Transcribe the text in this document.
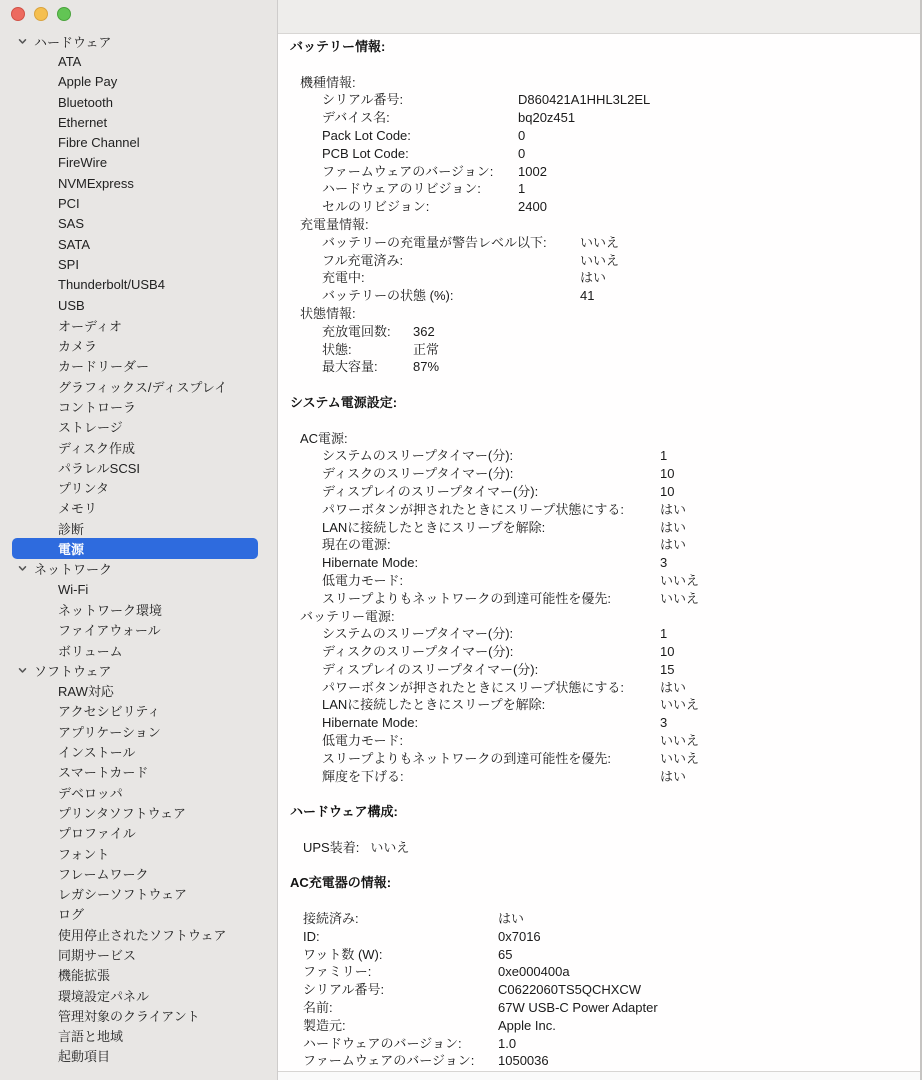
ハードウェア
ATA
Apple Pay
Bluetooth
Ethernet
Fibre Channel
FireWire
NVMExpress
PCI
SAS
SATA
SPI
Thunderbolt/USB4
USB
オーディオ
カメラ
カードリーダー
グラフィックス/ディスプレイ
コントローラ
ストレージ
ディスク作成
パラレルSCSI
プリンタ
メモリ
診断
電源
ネットワーク
Wi-Fi
ネットワーク環境
ファイアウォール
ボリューム
ソフトウェア
RAW対応
アクセシビリティ
アプリケーション
インストール
スマートカード
デベロッパ
プリンタソフトウェア
プロファイル
フォント
フレームワーク
レガシーソフトウェア
ログ
使用停止されたソフトウェア
同期サービス
機能拡張
環境設定パネル
管理対象のクライアント
言語と地域
起動項目
バッテリー情報:
機種情報:
シリアル番号:	D860421A1HHL3L2EL
デバイス名:	bq20z451
Pack Lot Code:	0
PCB Lot Code:	0
ファームウェアのバージョン:	1002
ハードウェアのリビジョン:	1
セルのリビジョン:	2400
充電量情報:
バッテリーの充電量が警告レベル以下:	いいえ
フル充電済み:	いいえ
充電中:	はい
バッテリーの状態 (%):	41
状態情報:
充放電回数:	362
状態:	正常
最大容量:	87%
システム電源設定:
AC電源:
システムのスリープタイマー(分):	1
ディスクのスリープタイマー(分):	10
ディスプレイのスリープタイマー(分):	10
パワーボタンが押されたときにスリープ状態にする:	はい
LANに接続したときにスリープを解除:	はい
現在の電源:	はい
Hibernate Mode:	3
低電力モード:	いいえ
スリープよりもネットワークの到達可能性を優先:	いいえ
バッテリー電源:
システムのスリープタイマー(分):	1
ディスクのスリープタイマー(分):	10
ディスプレイのスリープタイマー(分):	15
パワーボタンが押されたときにスリープ状態にする:	はい
LANに接続したときにスリープを解除:	いいえ
Hibernate Mode:	3
低電力モード:	いいえ
スリープよりもネットワークの到達可能性を優先:	いいえ
輝度を下げる:	はい
ハードウェア構成:
UPS装着: いいえ
AC充電器の情報:
接続済み:	はい
ID:	0x7016
ワット数 (W):	65
ファミリー:	0xe000400a
シリアル番号:	C0622060TS5QCHXCW
名前:	67W USB-C Power Adapter
製造元:	Apple Inc.
ハードウェアのバージョン:	1.0
ファームウェアのバージョン:	1050036
